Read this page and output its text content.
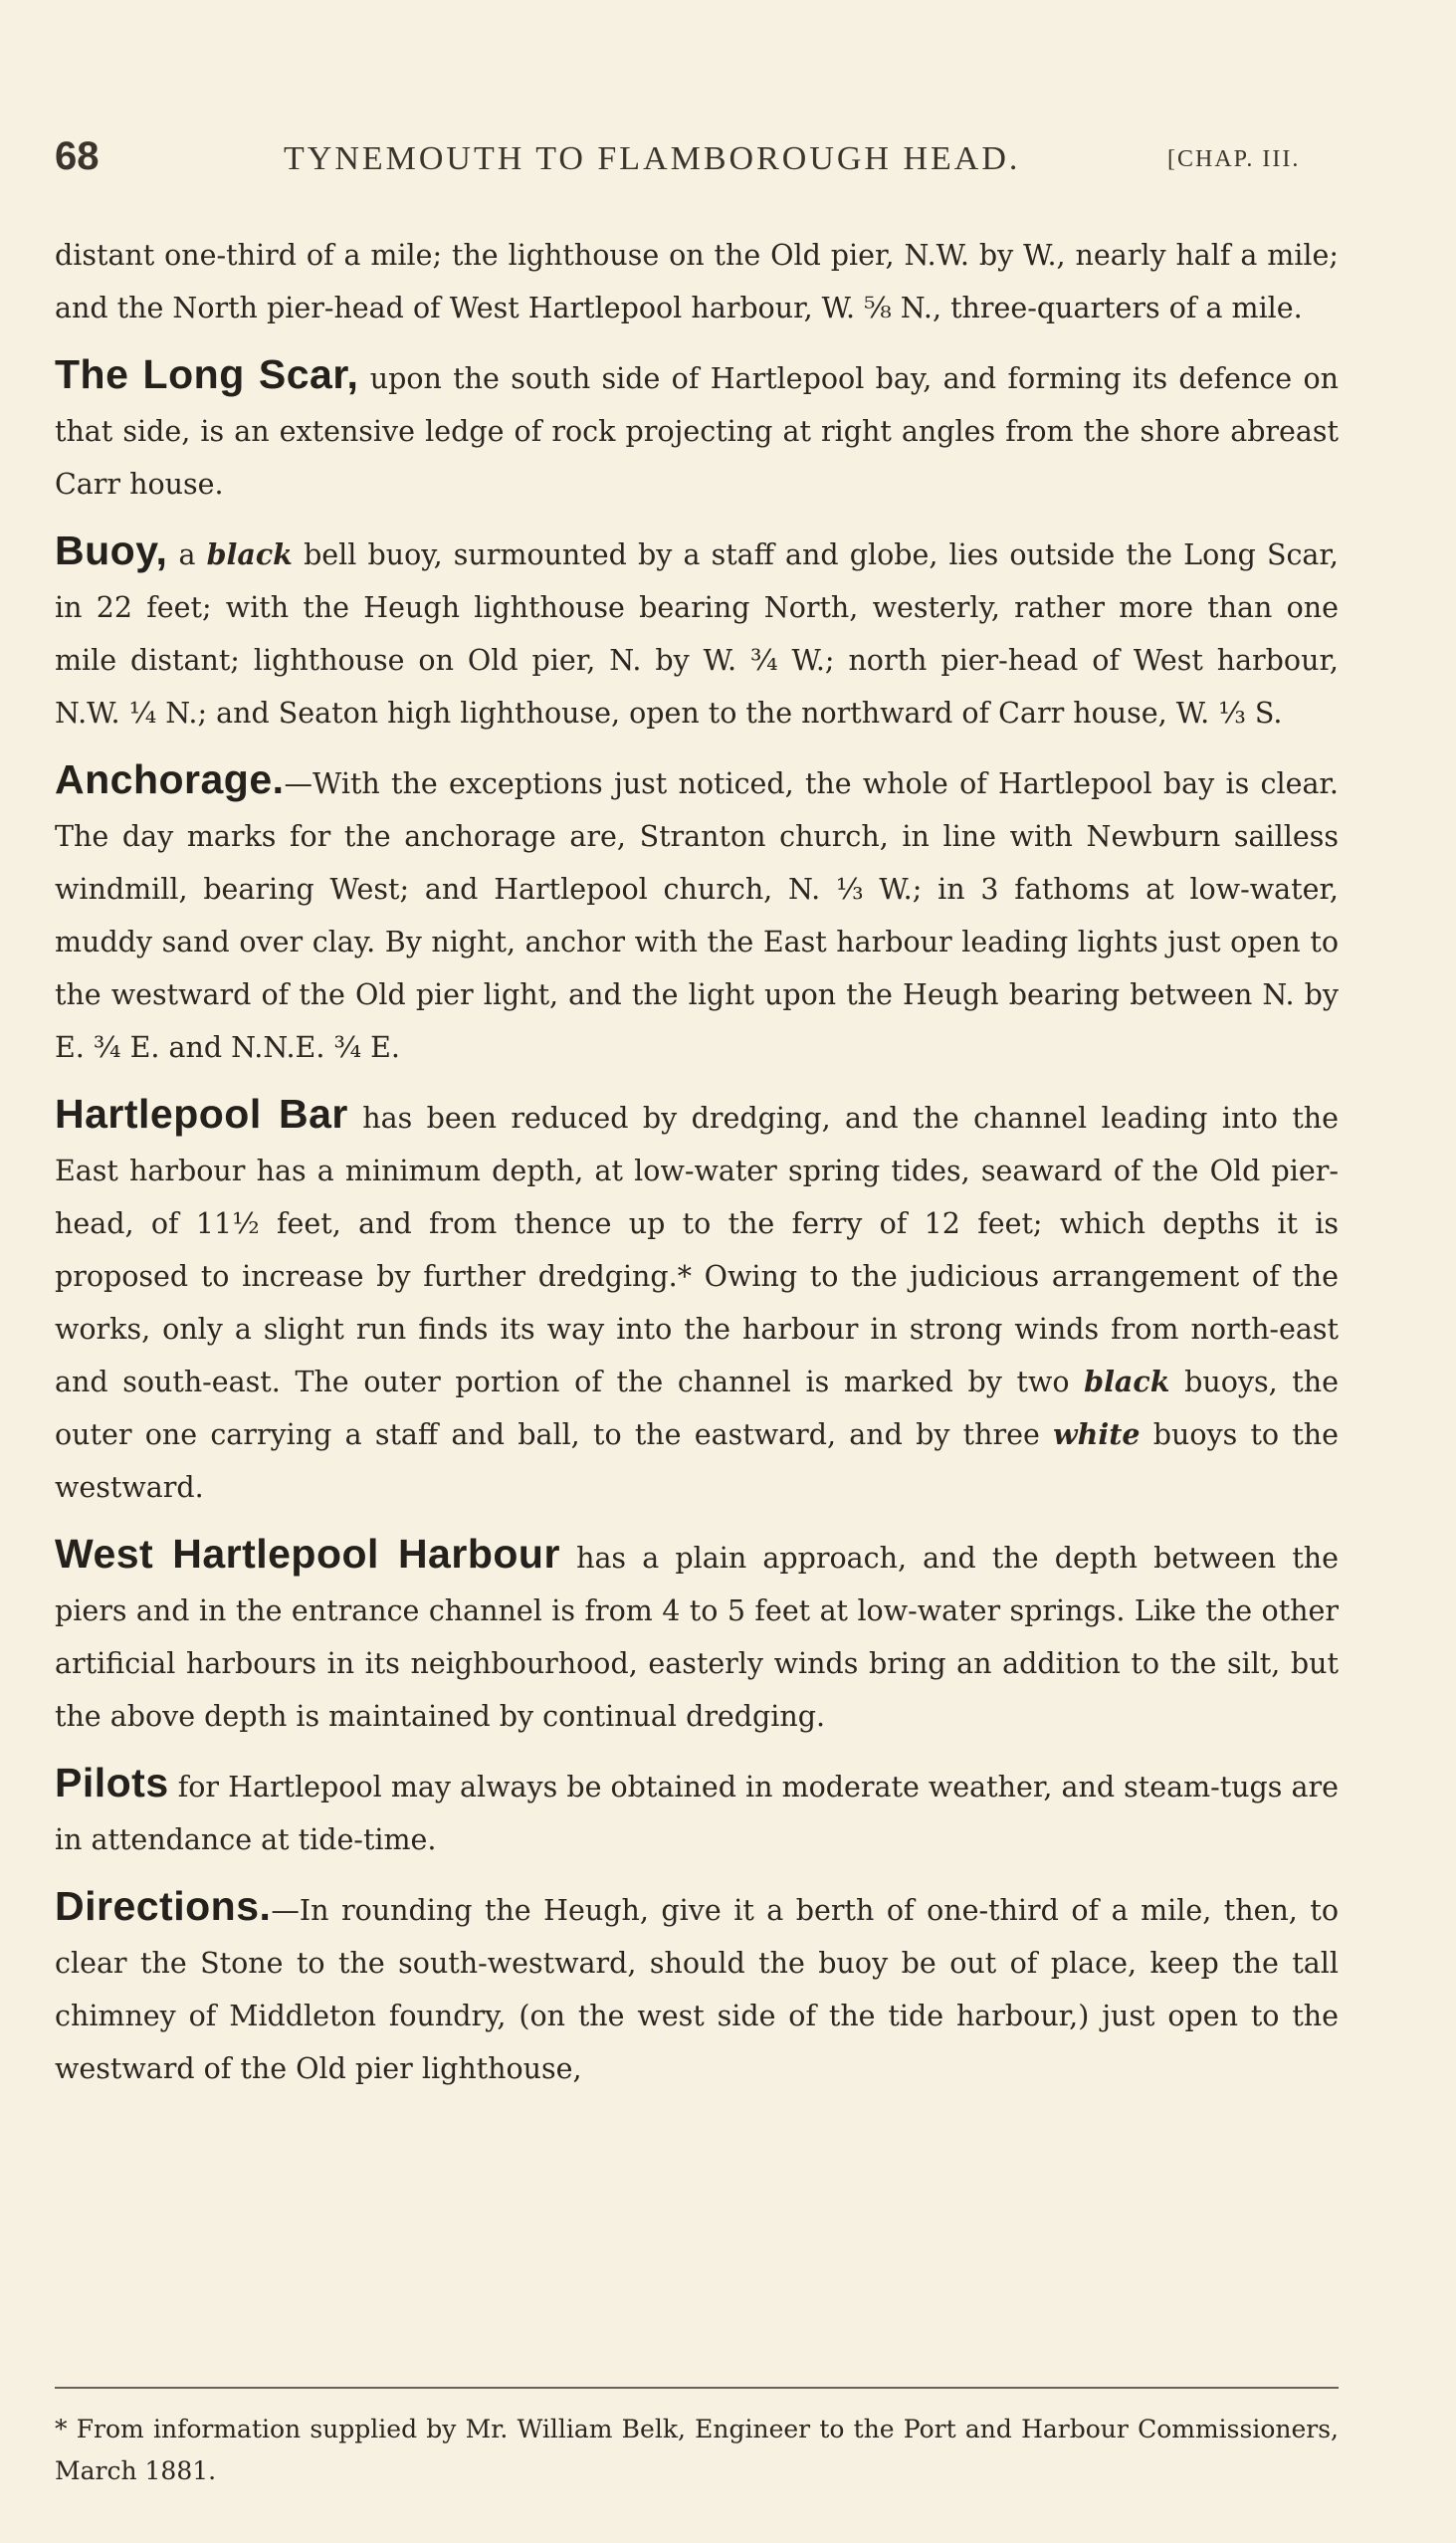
68	TYNEMOUTH TO FLAMBOROUGH HEAD.	[CHAP. III.

distant one-third of a mile; the lighthouse on the Old pier, N.W. by W., nearly half a mile; and the North pier-head of West Hartlepool harbour, W. ⅝ N., three-quarters of a mile.

The Long Scar, upon the south side of Hartlepool bay, and forming its defence on that side, is an extensive ledge of rock projecting at right angles from the shore abreast Carr house.

Buoy, a black bell buoy, surmounted by a staff and globe, lies outside the Long Scar, in 22 feet; with the Heugh lighthouse bearing North, westerly, rather more than one mile distant; lighthouse on Old pier, N. by W. ¾ W.; north pier-head of West harbour, N.W. ¼ N.; and Seaton high lighthouse, open to the northward of Carr house, W. ⅓ S.

Anchorage.—With the exceptions just noticed, the whole of Hartlepool bay is clear. The day marks for the anchorage are, Stranton church, in line with Newburn sailless windmill, bearing West; and Hartlepool church, N. ⅓ W.; in 3 fathoms at low-water, muddy sand over clay. By night, anchor with the East harbour leading lights just open to the westward of the Old pier light, and the light upon the Heugh bearing between N. by E. ¾ E. and N.N.E. ¾ E.

Hartlepool Bar has been reduced by dredging, and the channel leading into the East harbour has a minimum depth, at low-water spring tides, seaward of the Old pier-head, of 11½ feet, and from thence up to the ferry of 12 feet; which depths it is proposed to increase by further dredging.* Owing to the judicious arrangement of the works, only a slight run finds its way into the harbour in strong winds from north-east and south-east. The outer portion of the channel is marked by two black buoys, the outer one carrying a staff and ball, to the eastward, and by three white buoys to the westward.

West Hartlepool Harbour has a plain approach, and the depth between the piers and in the entrance channel is from 4 to 5 feet at low-water springs. Like the other artificial harbours in its neighbourhood, easterly winds bring an addition to the silt, but the above depth is maintained by continual dredging.

Pilots for Hartlepool may always be obtained in moderate weather, and steam-tugs are in attendance at tide-time.

Directions.—In rounding the Heugh, give it a berth of one-third of a mile, then, to clear the Stone to the south-westward, should the buoy be out of place, keep the tall chimney of Middleton foundry, (on the west side of the tide harbour,) just open to the westward of the Old pier lighthouse,

* From information supplied by Mr. William Belk, Engineer to the Port and Harbour Commissioners, March 1881.
